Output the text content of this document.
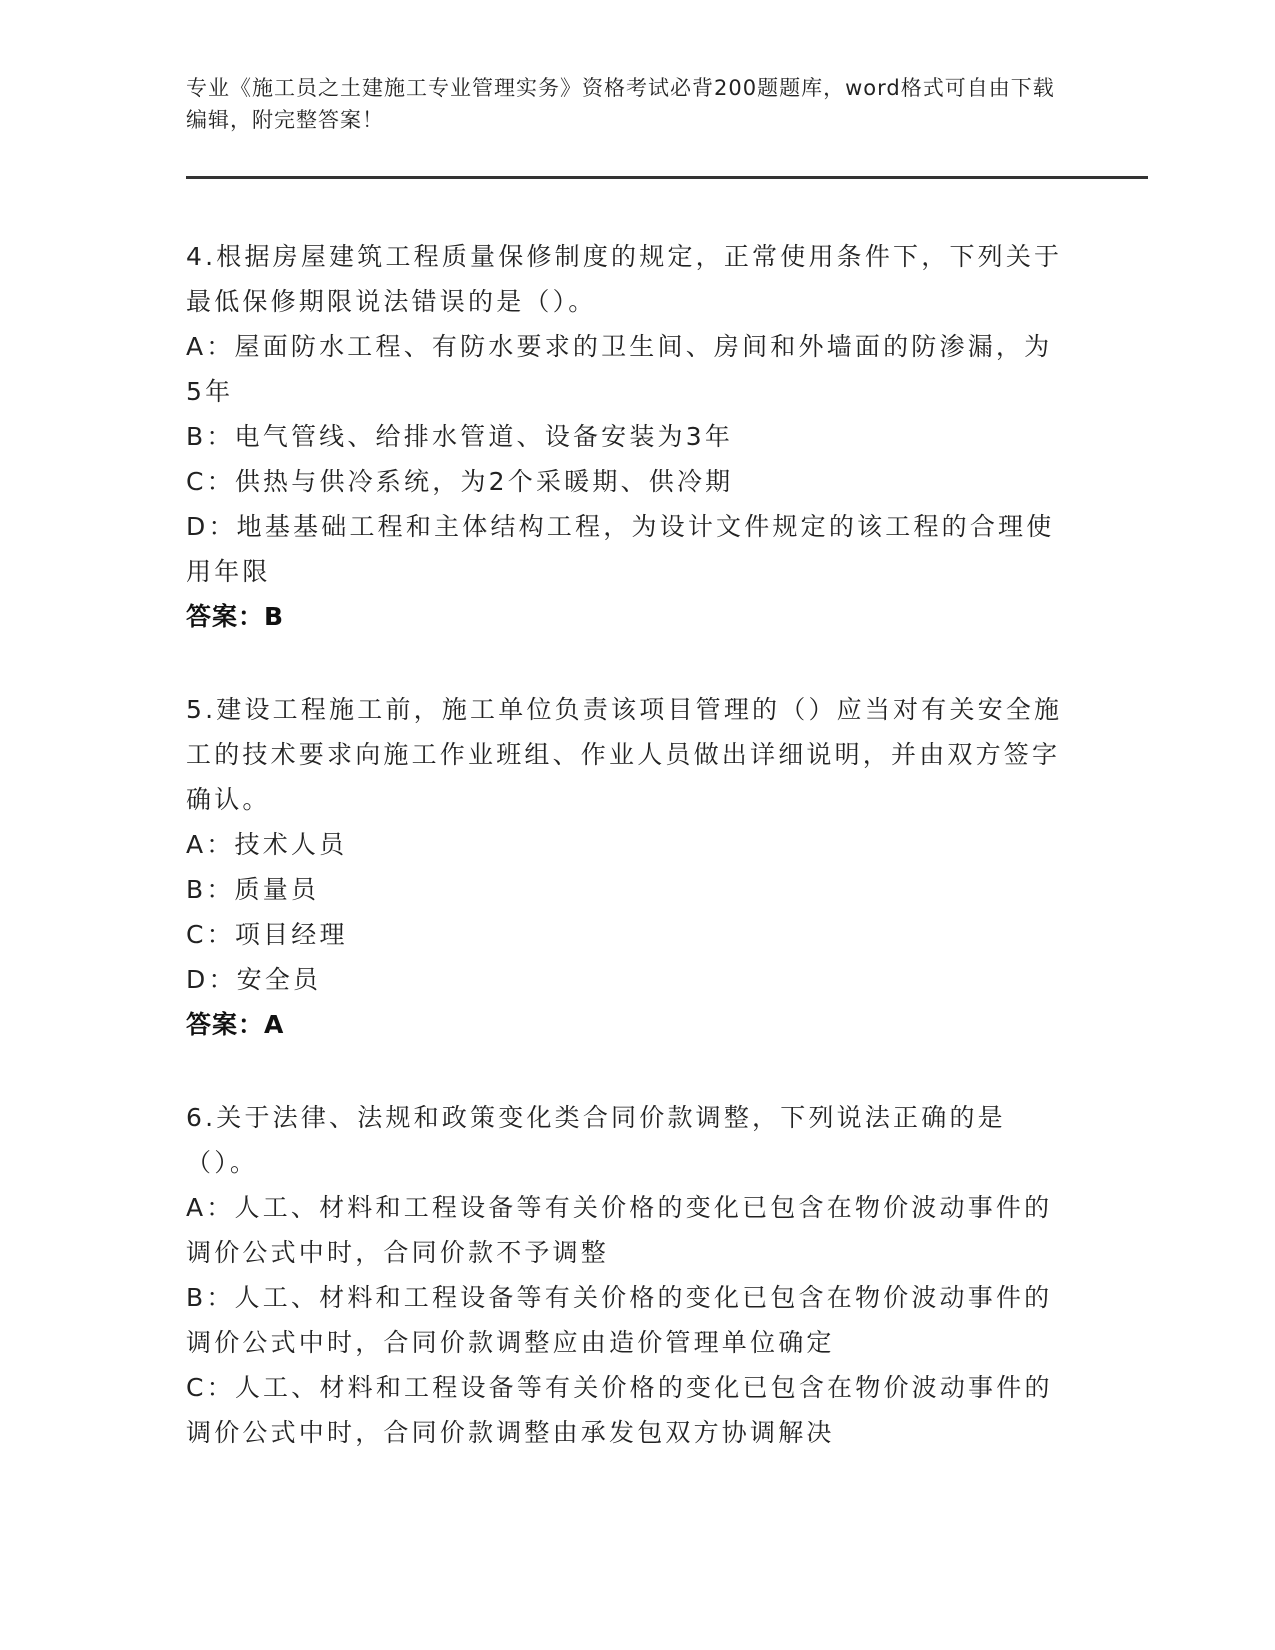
专业《施工员之土建施工专业管理实务》资格考试必背200题题库，word格式可自由下载编辑，附完整答案！

4.根据房屋建筑工程质量保修制度的规定，正常使用条件下，下列关于最低保修期限说法错误的是（）。

A：屋面防水工程、有防水要求的卫生间、房间和外墙面的防渗漏，为5年

B：电气管线、给排水管道、设备安装为3年

C：供热与供冷系统，为2个采暖期、供冷期

D：地基基础工程和主体结构工程，为设计文件规定的该工程的合理使用年限

答案：B

5.建设工程施工前，施工单位负责该项目管理的（）应当对有关安全施工的技术要求向施工作业班组、作业人员做出详细说明，并由双方签字确认。

A：技术人员

B：质量员

C：项目经理

D：安全员

答案：A

6.关于法律、法规和政策变化类合同价款调整，下列说法正确的是（）。

A：人工、材料和工程设备等有关价格的变化已包含在物价波动事件的调价公式中时，合同价款不予调整

B：人工、材料和工程设备等有关价格的变化已包含在物价波动事件的调价公式中时，合同价款调整应由造价管理单位确定

C：人工、材料和工程设备等有关价格的变化已包含在物价波动事件的调价公式中时，合同价款调整由承发包双方协调解决
